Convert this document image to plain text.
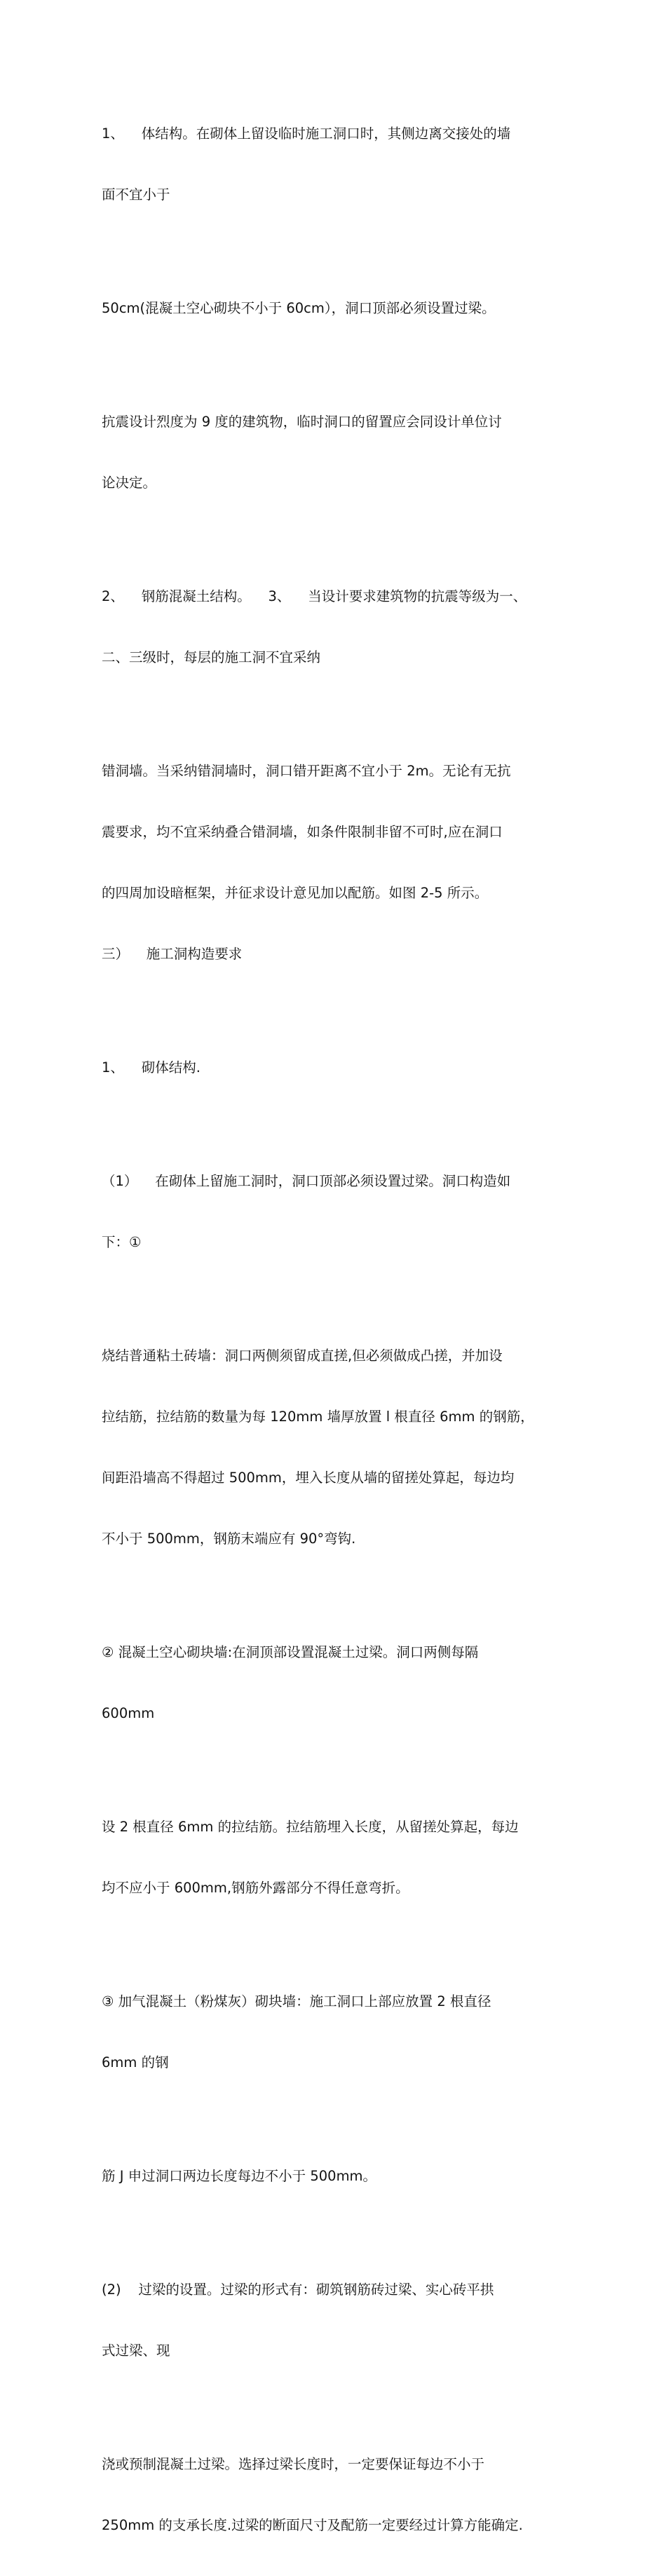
1、    体结构。在砌体上留设临时施工洞口时，其侧边离交接处的墙

面不宜小于

50cm(混凝土空心砌块不小于 60cm），洞口顶部必须设置过梁。

抗震设计烈度为 9 度的建筑物，临时洞口的留置应会同设计单位讨

论决定。

2、    钢筋混凝土结构。    3、    当设计要求建筑物的抗震等级为一、

二、三级时，每层的施工洞不宜采纳

错洞墙。当采纳错洞墙时，洞口错开距离不宜小于 2m。无论有无抗

震要求，均不宜采纳叠合错洞墙，如条件限制非留不可时,应在洞口

的四周加设暗框架，并征求设计意见加以配筋。如图 2-5 所示。

三）    施工洞构造要求

1、    砌体结构.

（1）    在砌体上留施工洞时，洞口顶部必须设置过梁。洞口构造如

下：①

烧结普通粘土砖墙：洞口两侧须留成直搓,但必须做成凸搓，并加设

拉结筋，拉结筋的数量为每 120mm 墙厚放置 l 根直径 6mm 的钢筋，

间距沿墙高不得超过 500mm，埋入长度从墙的留搓处算起，每边均

不小于 500mm，钢筋末端应有 90°弯钩.

② 混凝土空心砌块墙:在洞顶部设置混凝土过梁。洞口两侧每隔

600mm

设 2 根直径 6mm 的拉结筋。拉结筋埋入长度，从留搓处算起，每边

均不应小于 600mm,钢筋外露部分不得任意弯折。

③ 加气混凝土（粉煤灰）砌块墙：施工洞口上部应放置 2 根直径

6mm 的钢

筋 J 申过洞口两边长度每边不小于 500mm。

(2)    过梁的设置。过梁的形式有：砌筑钢筋砖过梁、实心砖平拱

式过梁、现

浇或预制混凝土过梁。选择过梁长度时，一定要保证每边不小于

250mm 的支承长度.过梁的断面尺寸及配筋一定要经过计算方能确定.
